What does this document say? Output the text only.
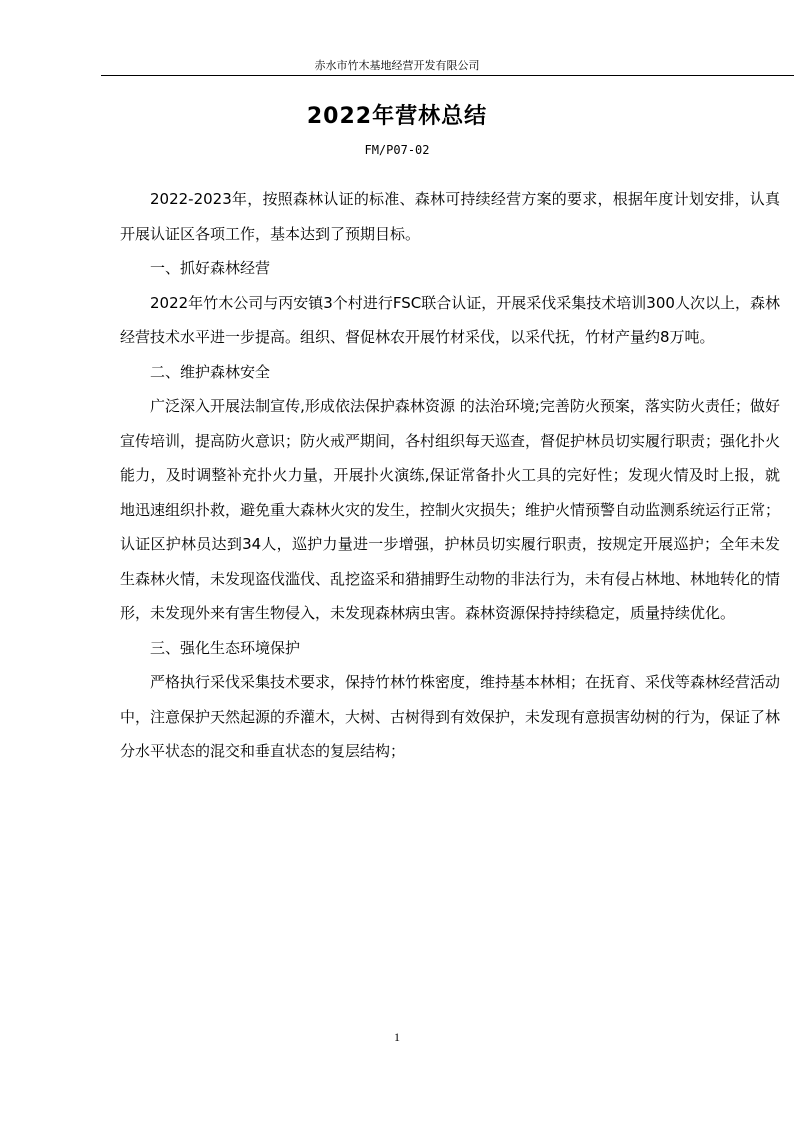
赤水市竹木基地经营开发有限公司
2022年营林总结
FM/P07-02

2022-2023年，按照森林认证的标准、森林可持续经营方案的要求，根据年度计划安排，认真开展认证区各项工作，基本达到了预期目标。

一、抓好森林经营

2022年竹木公司与丙安镇3个村进行FSC联合认证，开展采伐采集技术培训300人次以上，森林经营技术水平进一步提高。组织、督促林农开展竹材采伐，以采代抚，竹材产量约8万吨。

二、维护森林安全

广泛深入开展法制宣传,形成依法保护森林资源 的法治环境;完善防火预案，落实防火责任；做好宣传培训，提高防火意识；防火戒严期间，各村组织每天巡查，督促护林员切实履行职责；强化扑火能力，及时调整补充扑火力量，开展扑火演练,保证常备扑火工具的完好性；发现火情及时上报，就地迅速组织扑救，避免重大森林火灾的发生，控制火灾损失；维护火情预警自动监测系统运行正常；认证区护林员达到34人，巡护力量进一步增强，护林员切实履行职责，按规定开展巡护；全年未发生森林火情，未发现盗伐滥伐、乱挖盗采和猎捕野生动物的非法行为，未有侵占林地、林地转化的情形，未发现外来有害生物侵入，未发现森林病虫害。森林资源保持持续稳定，质量持续优化。

三、强化生态环境保护

严格执行采伐采集技术要求，保持竹林竹株密度，维持基本林相；在抚育、采伐等森林经营活动中，注意保护天然起源的乔灌木，大树、古树得到有效保护，未发现有意损害幼树的行为，保证了林分水平状态的混交和垂直状态的复层结构；

1
